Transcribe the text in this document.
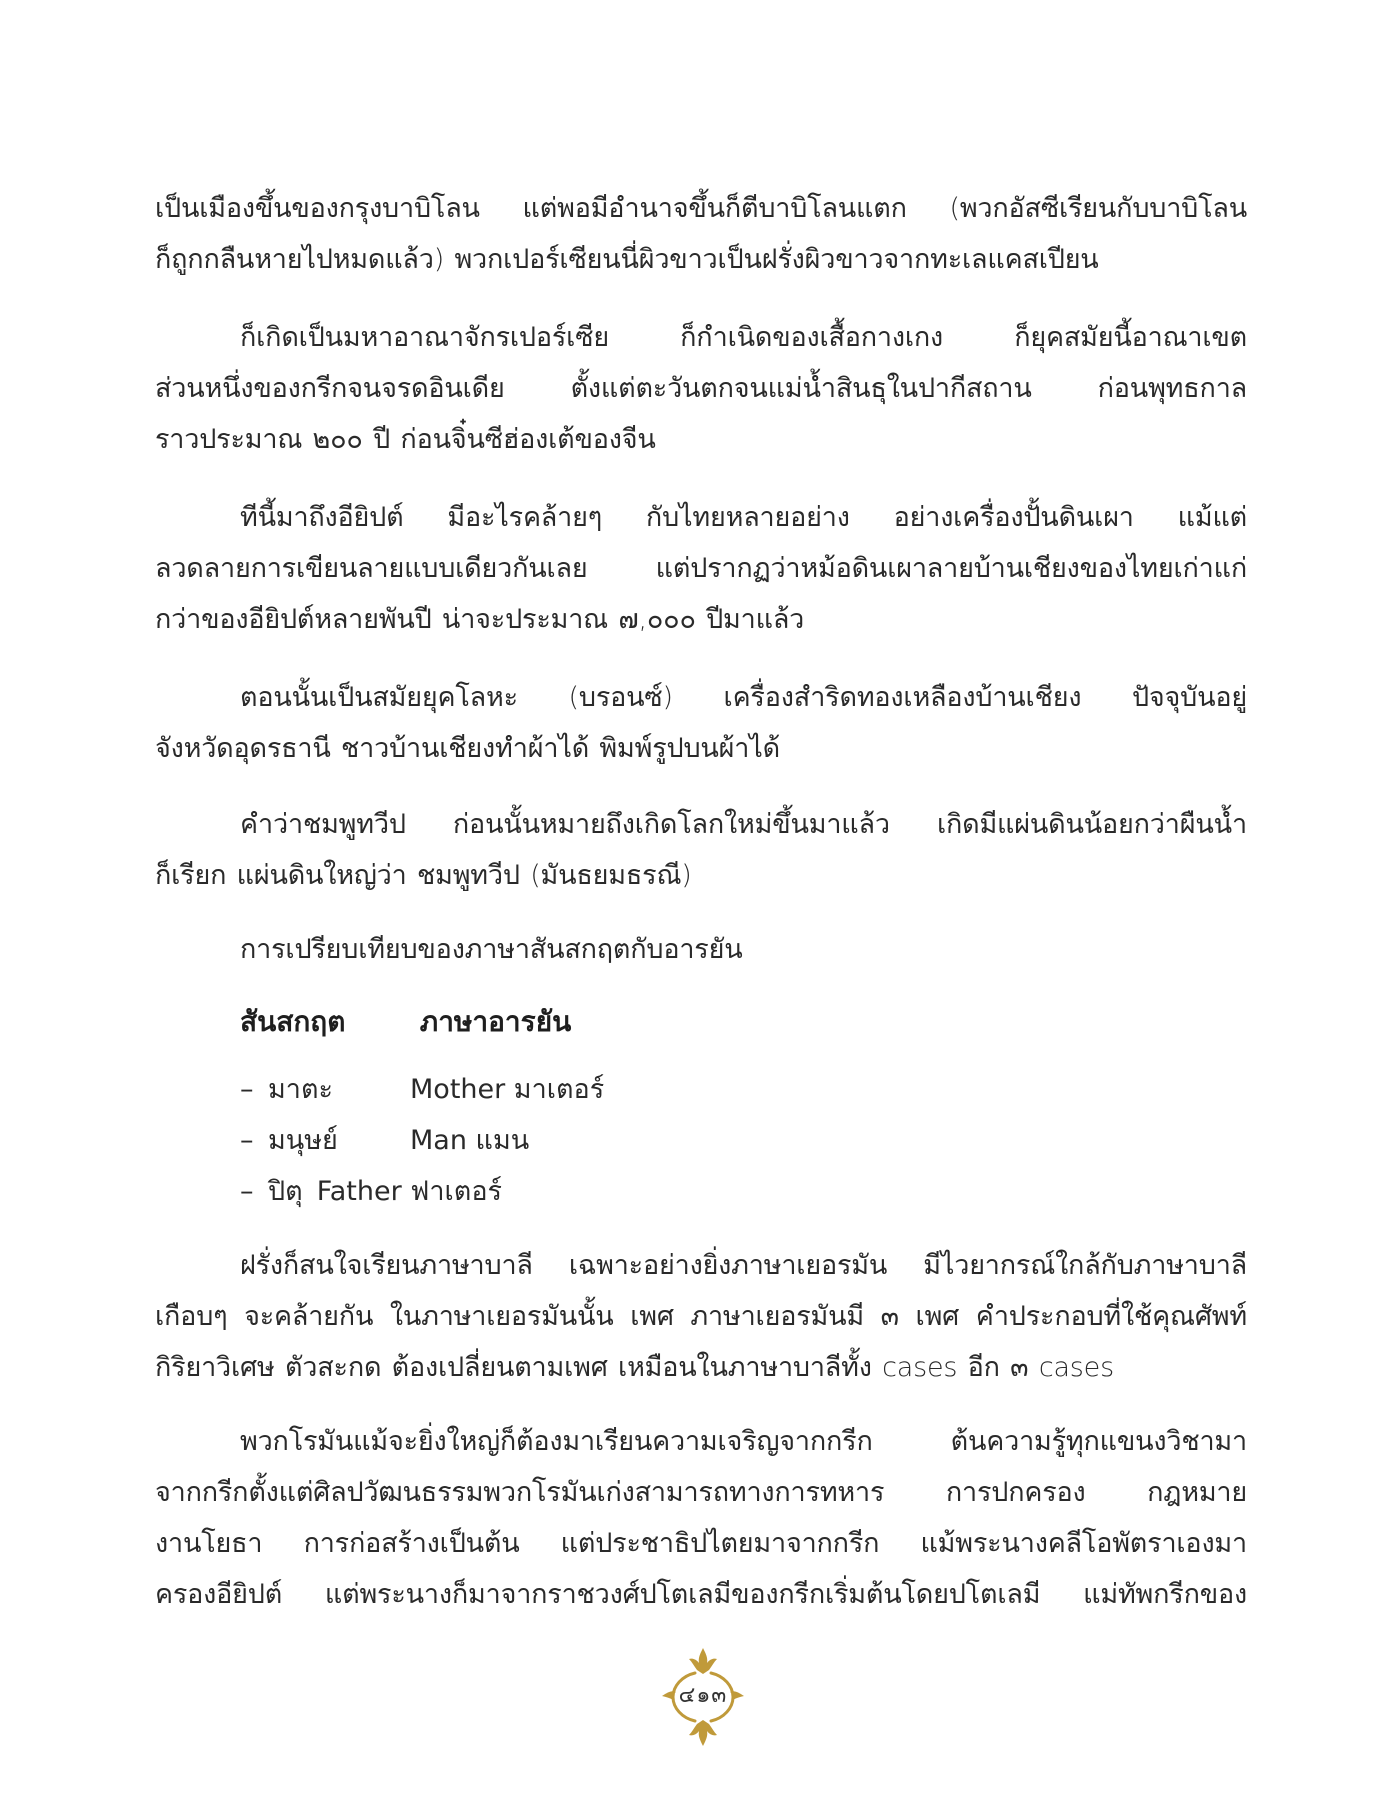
เป็นเมืองขึ้นของกรุงบาบิโลน แต่พอมีอำนาจขึ้นก็ตีบาบิโลนแตก (พวกอัสซีเรียนกับบาบิโลน
ก็ถูกกลืนหายไปหมดแล้ว) พวกเปอร์เซียนนี่ผิวขาวเป็นฝรั่งผิวขาวจากทะเลแคสเปียน
ก็เกิดเป็นมหาอาณาจักรเปอร์เซีย ก็กำเนิดของเสื้อกางเกง ก็ยุคสมัยนี้อาณาเขต
ส่วนหนึ่งของกรีกจนจรดอินเดีย ตั้งแต่ตะวันตกจนแม่น้ำสินธุในปากีสถาน ก่อนพุทธกาล
ราวประมาณ ๒๐๐ ปี ก่อนจิ๋นซีฮ่องเต้ของจีน
ทีนี้มาถึงอียิปต์ มีอะไรคล้ายๆ กับไทยหลายอย่าง อย่างเครื่องปั้นดินเผา แม้แต่
ลวดลายการเขียนลายแบบเดียวกันเลย แต่ปรากฏว่าหม้อดินเผาลายบ้านเชียงของไทยเก่าแก่
กว่าของอียิปต์หลายพันปี น่าจะประมาณ ๗,๐๐๐ ปีมาแล้ว
ตอนนั้นเป็นสมัยยุคโลหะ (บรอนซ์) เครื่องสำริดทองเหลืองบ้านเชียง ปัจจุบันอยู่
จังหวัดอุดรธานี ชาวบ้านเชียงทำผ้าได้ พิมพ์รูปบนผ้าได้
คำว่าชมพูทวีป ก่อนนั้นหมายถึงเกิดโลกใหม่ขึ้นมาแล้ว เกิดมีแผ่นดินน้อยกว่าผืนน้ำ
ก็เรียก แผ่นดินใหญ่ว่า ชมพูทวีป (มันธยมธรณี)
การเปรียบเทียบของภาษาสันสกฤตกับอารยัน
สันสกฤต	ภาษาอารยัน
– มาตะ	Mother มาเตอร์
– มนุษย์	Man แมน
– ปิตุ Father ฟาเตอร์
ฝรั่งก็สนใจเรียนภาษาบาลี เฉพาะอย่างยิ่งภาษาเยอรมัน มีไวยากรณ์ใกล้กับภาษาบาลี
เกือบๆ จะคล้ายกัน ในภาษาเยอรมันนั้น เพศ ภาษาเยอรมันมี ๓ เพศ คำประกอบที่ใช้คุณศัพท์
กิริยาวิเศษ ตัวสะกด ต้องเปลี่ยนตามเพศ เหมือนในภาษาบาลีทั้ง cases อีก ๓ cases
พวกโรมันแม้จะยิ่งใหญ่ก็ต้องมาเรียนความเจริญจากกรีก ต้นความรู้ทุกแขนงวิชามา
จากกรีกตั้งแต่ศิลปวัฒนธรรมพวกโรมันเก่งสามารถทางการทหาร การปกครอง กฎหมาย
งานโยธา การก่อสร้างเป็นต้น แต่ประชาธิปไตยมาจากกรีก แม้พระนางคลีโอพัตราเองมา
ครองอียิปต์ แต่พระนางก็มาจากราชวงศ์ปโตเลมีของกรีกเริ่มต้นโดยปโตเลมี แม่ทัพกรีกของ
๔๑๓
